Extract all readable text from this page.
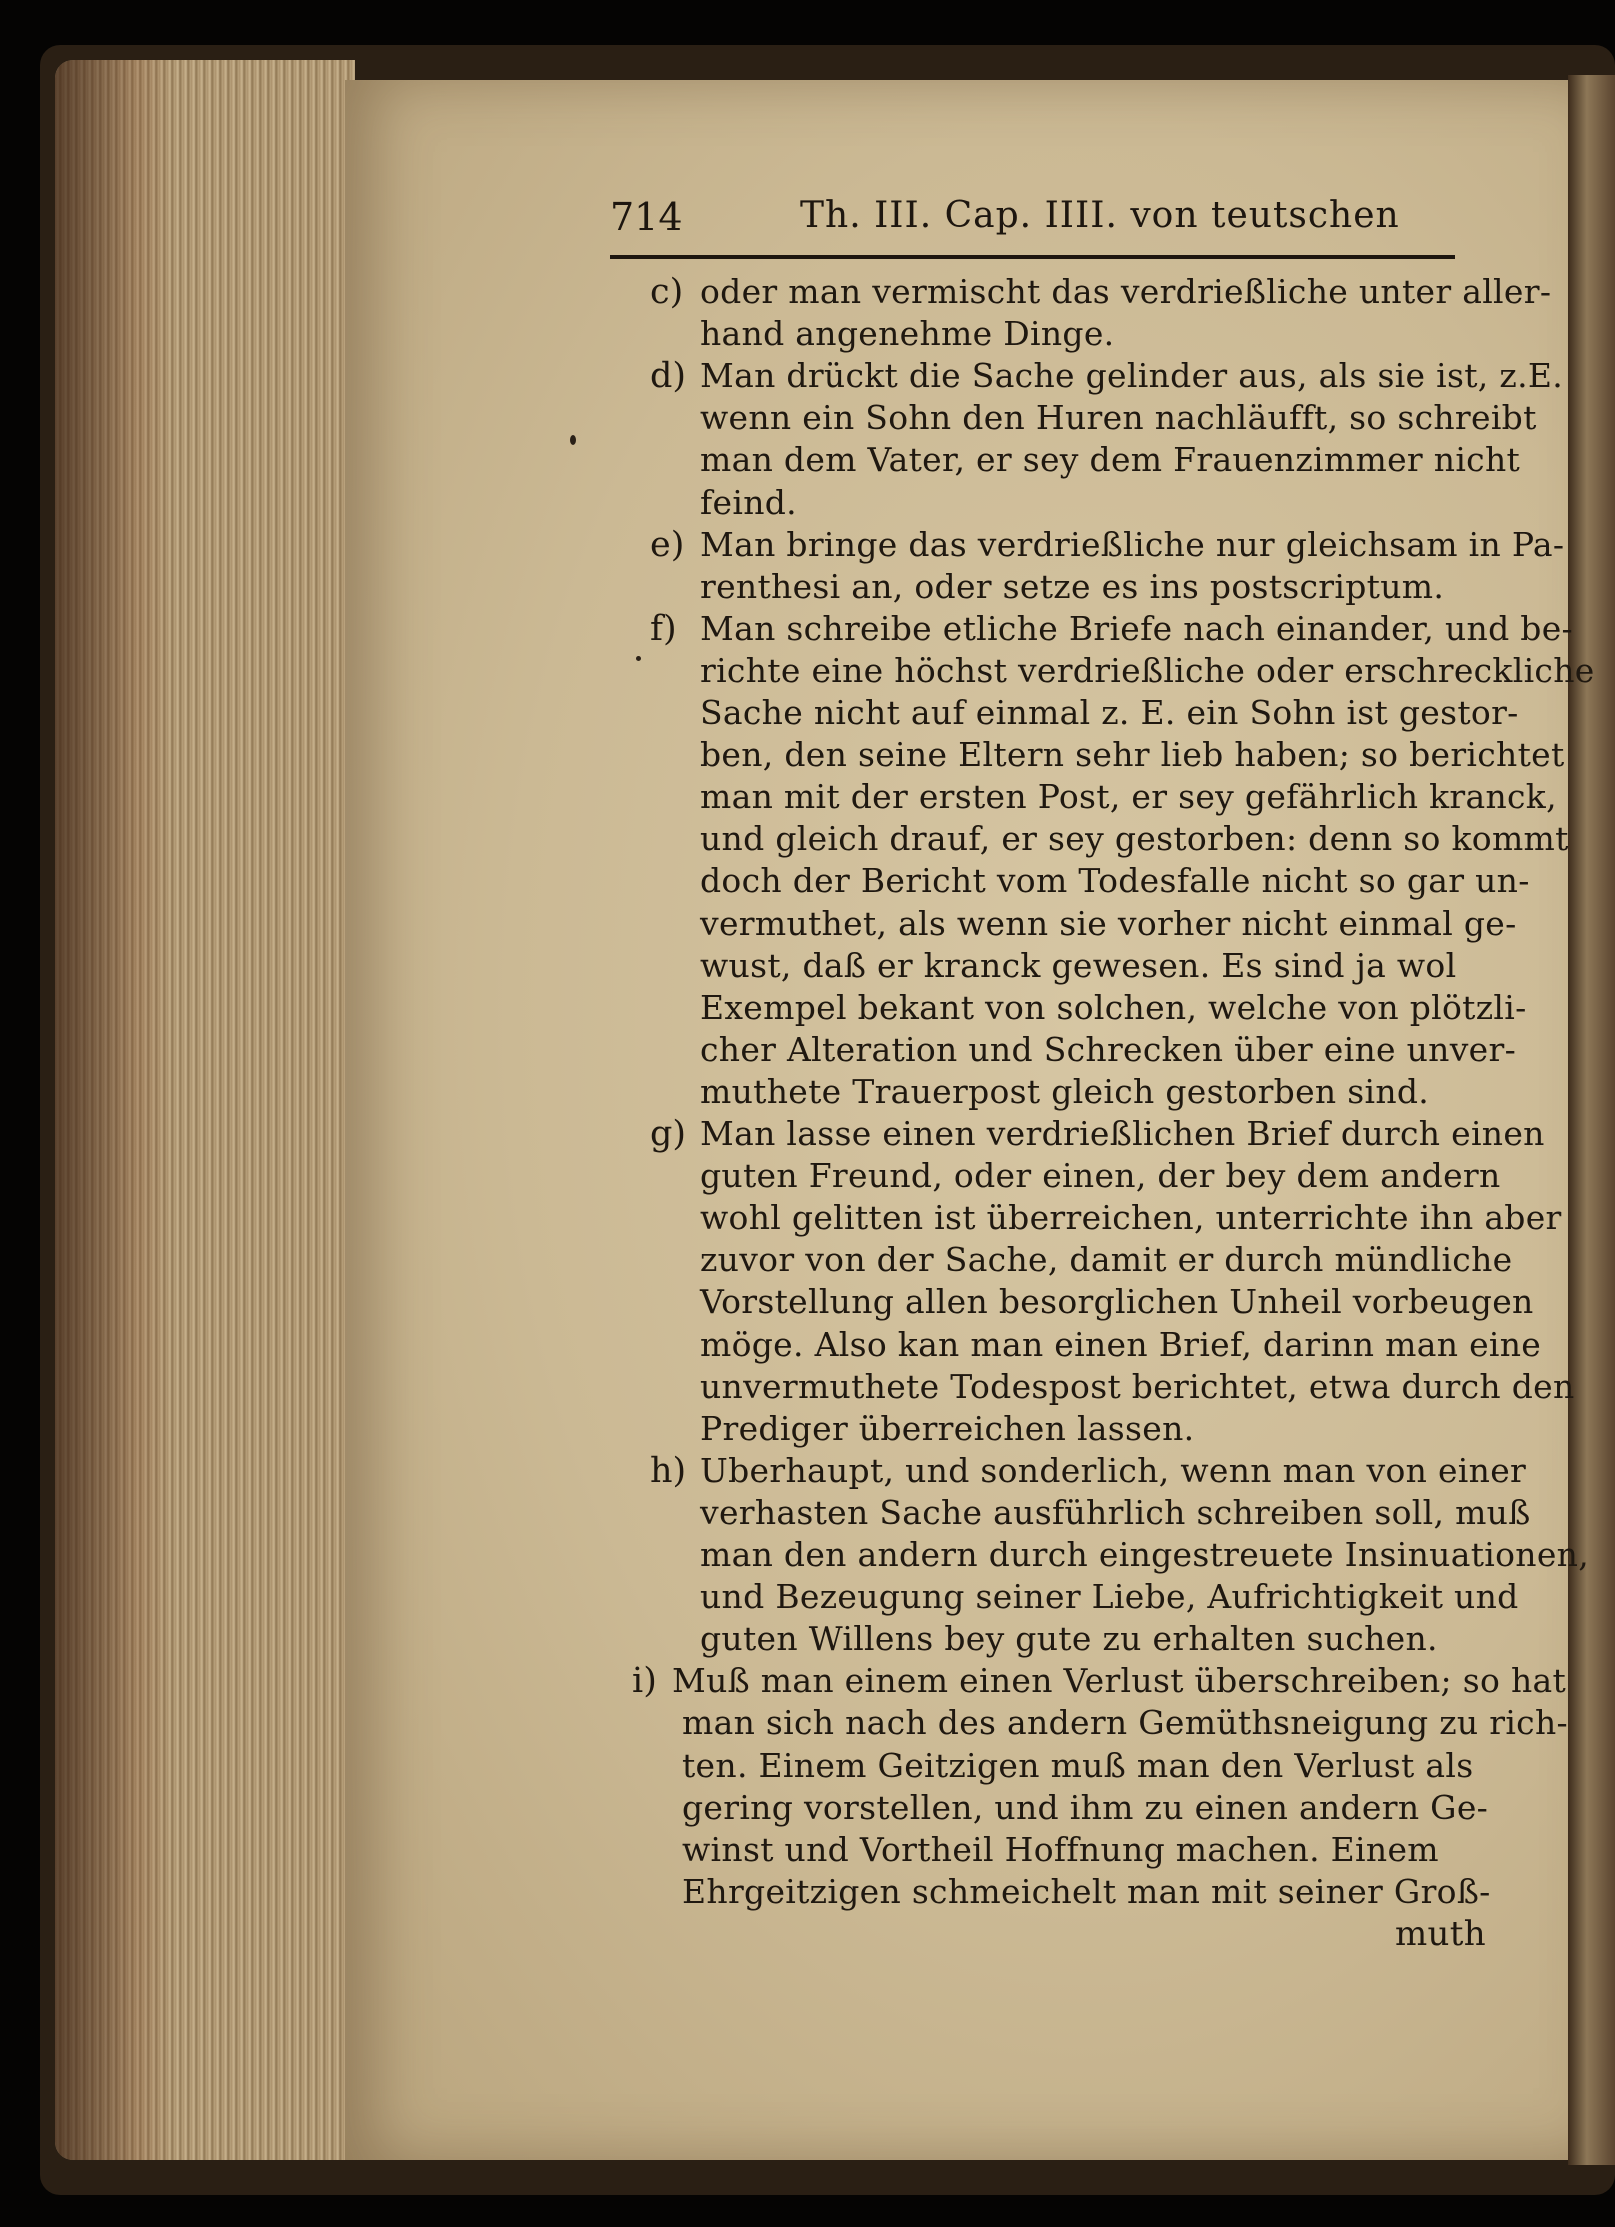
714	Th. III. Cap. IIII. von teutschen
c) oder man vermischt das verdrießliche unter aller-
hand angenehme Dinge.
d) Man drückt die Sache gelinder aus, als sie ist, z.E.
wenn ein Sohn den Huren nachläufft, so schreibt
man dem Vater, er sey dem Frauenzimmer nicht
feind.
e) Man bringe das verdrießliche nur gleichsam in Pa-
renthesi an, oder setze es ins postscriptum.
f) Man schreibe etliche Briefe nach einander, und be-
richte eine höchst verdrießliche oder erschreckliche
Sache nicht auf einmal z. E. ein Sohn ist gestor-
ben, den seine Eltern sehr lieb haben; so berichtet
man mit der ersten Post, er sey gefährlich kranck,
und gleich drauf, er sey gestorben: denn so kommt
doch der Bericht vom Todesfalle nicht so gar un-
vermuthet, als wenn sie vorher nicht einmal ge-
wust, daß er kranck gewesen. Es sind ja wol
Exempel bekant von solchen, welche von plötzli-
cher Alteration und Schrecken über eine unver-
muthete Trauerpost gleich gestorben sind.
g) Man lasse einen verdrießlichen Brief durch einen
guten Freund, oder einen, der bey dem andern
wohl gelitten ist überreichen, unterrichte ihn aber
zuvor von der Sache, damit er durch mündliche
Vorstellung allen besorglichen Unheil vorbeugen
möge. Also kan man einen Brief, darinn man eine
unvermuthete Todespost berichtet, etwa durch den
Prediger überreichen lassen.
h) Uberhaupt, und sonderlich, wenn man von einer
verhasten Sache ausführlich schreiben soll, muß
man den andern durch eingestreuete Insinuationen,
und Bezeugung seiner Liebe, Aufrichtigkeit und
guten Willens bey gute zu erhalten suchen.
i) Muß man einem einen Verlust überschreiben; so hat
man sich nach des andern Gemüthsneigung zu rich-
ten. Einem Geitzigen muß man den Verlust als
gering vorstellen, und ihm zu einen andern Ge-
winst und Vortheil Hoffnung machen. Einem
Ehrgeitzigen schmeichelt man mit seiner Groß-
muth
